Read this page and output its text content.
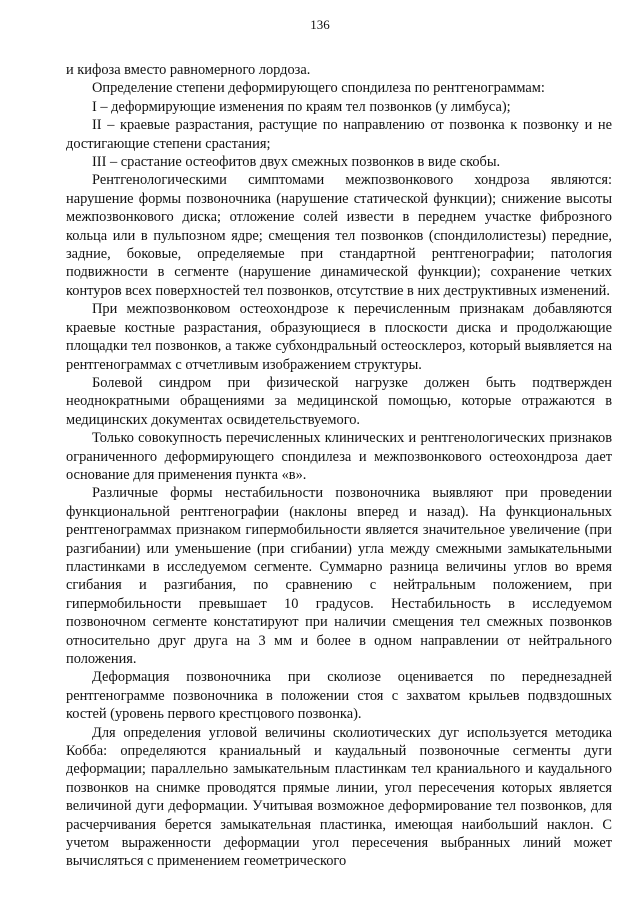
136

и кифоза вместо равномерного лордоза.

Определение степени деформирующего спондилеза по рентгенограммам:

I – деформирующие изменения по краям тел позвонков (у лимбуса);

II – краевые разрастания, растущие по направлению от позвонка к позвонку и не достигающие степени срастания;

III – срастание остеофитов двух смежных позвонков в виде скобы.

Рентгенологическими симптомами межпозвонкового хондроза являются: нарушение формы позвоночника (нарушение статической функции); снижение высоты межпозвонкового диска; отложение солей извести в переднем участке фиброзного кольца или в пульпозном ядре; смещения тел позвонков (спондилолистезы) передние, задние, боковые, определяемые при стандартной рентгенографии; патология подвижности в сегменте (нарушение динамической функции); сохранение четких контуров всех поверхностей тел позвонков, отсутствие в них деструктивных изменений.

При межпозвонковом остеохондрозе к перечисленным признакам добавляются краевые костные разрастания, образующиеся в плоскости диска и продолжающие площадки тел позвонков, а также субхондральный остеосклероз, который выявляется на рентгенограммах с отчетливым изображением структуры.

Болевой синдром при физической нагрузке должен быть подтвержден неоднократными обращениями за медицинской помощью, которые отражаются в медицинских документах освидетельствуемого.

Только совокупность перечисленных клинических и рентгенологических признаков ограниченного деформирующего спондилеза и межпозвонкового остеохондроза дает основание для применения пункта «в».

Различные формы нестабильности позвоночника выявляют при проведении функциональной рентгенографии (наклоны вперед и назад). На функциональных рентгенограммах признаком гипермобильности является значительное увеличение (при разгибании) или уменьшение (при сгибании) угла между смежными замыкательными пластинками в исследуемом сегменте. Суммарно разница величины углов во время сгибания и разгибания, по сравнению с нейтральным положением, при гипермобильности превышает 10 градусов. Нестабильность в исследуемом позвоночном сегменте констатируют при наличии смещения тел смежных позвонков относительно друг друга на 3 мм и более в одном направлении от нейтрального положения.

Деформация позвоночника при сколиозе оценивается по переднезадней рентгенограмме позвоночника в положении стоя с захватом крыльев подвздошных костей (уровень первого крестцового позвонка).

Для определения угловой величины сколиотических дуг используется методика Кобба: определяются краниальный и каудальный позвоночные сегменты дуги деформации; параллельно замыкательным пластинкам тел краниального и каудального позвонков на снимке проводятся прямые линии, угол пересечения которых является величиной дуги деформации. Учитывая возможное деформирование тел позвонков, для расчерчивания берется замыкательная пластинка, имеющая наибольший наклон. С учетом выраженности деформации угол пересечения выбранных линий может вычисляться с применением геометрического
